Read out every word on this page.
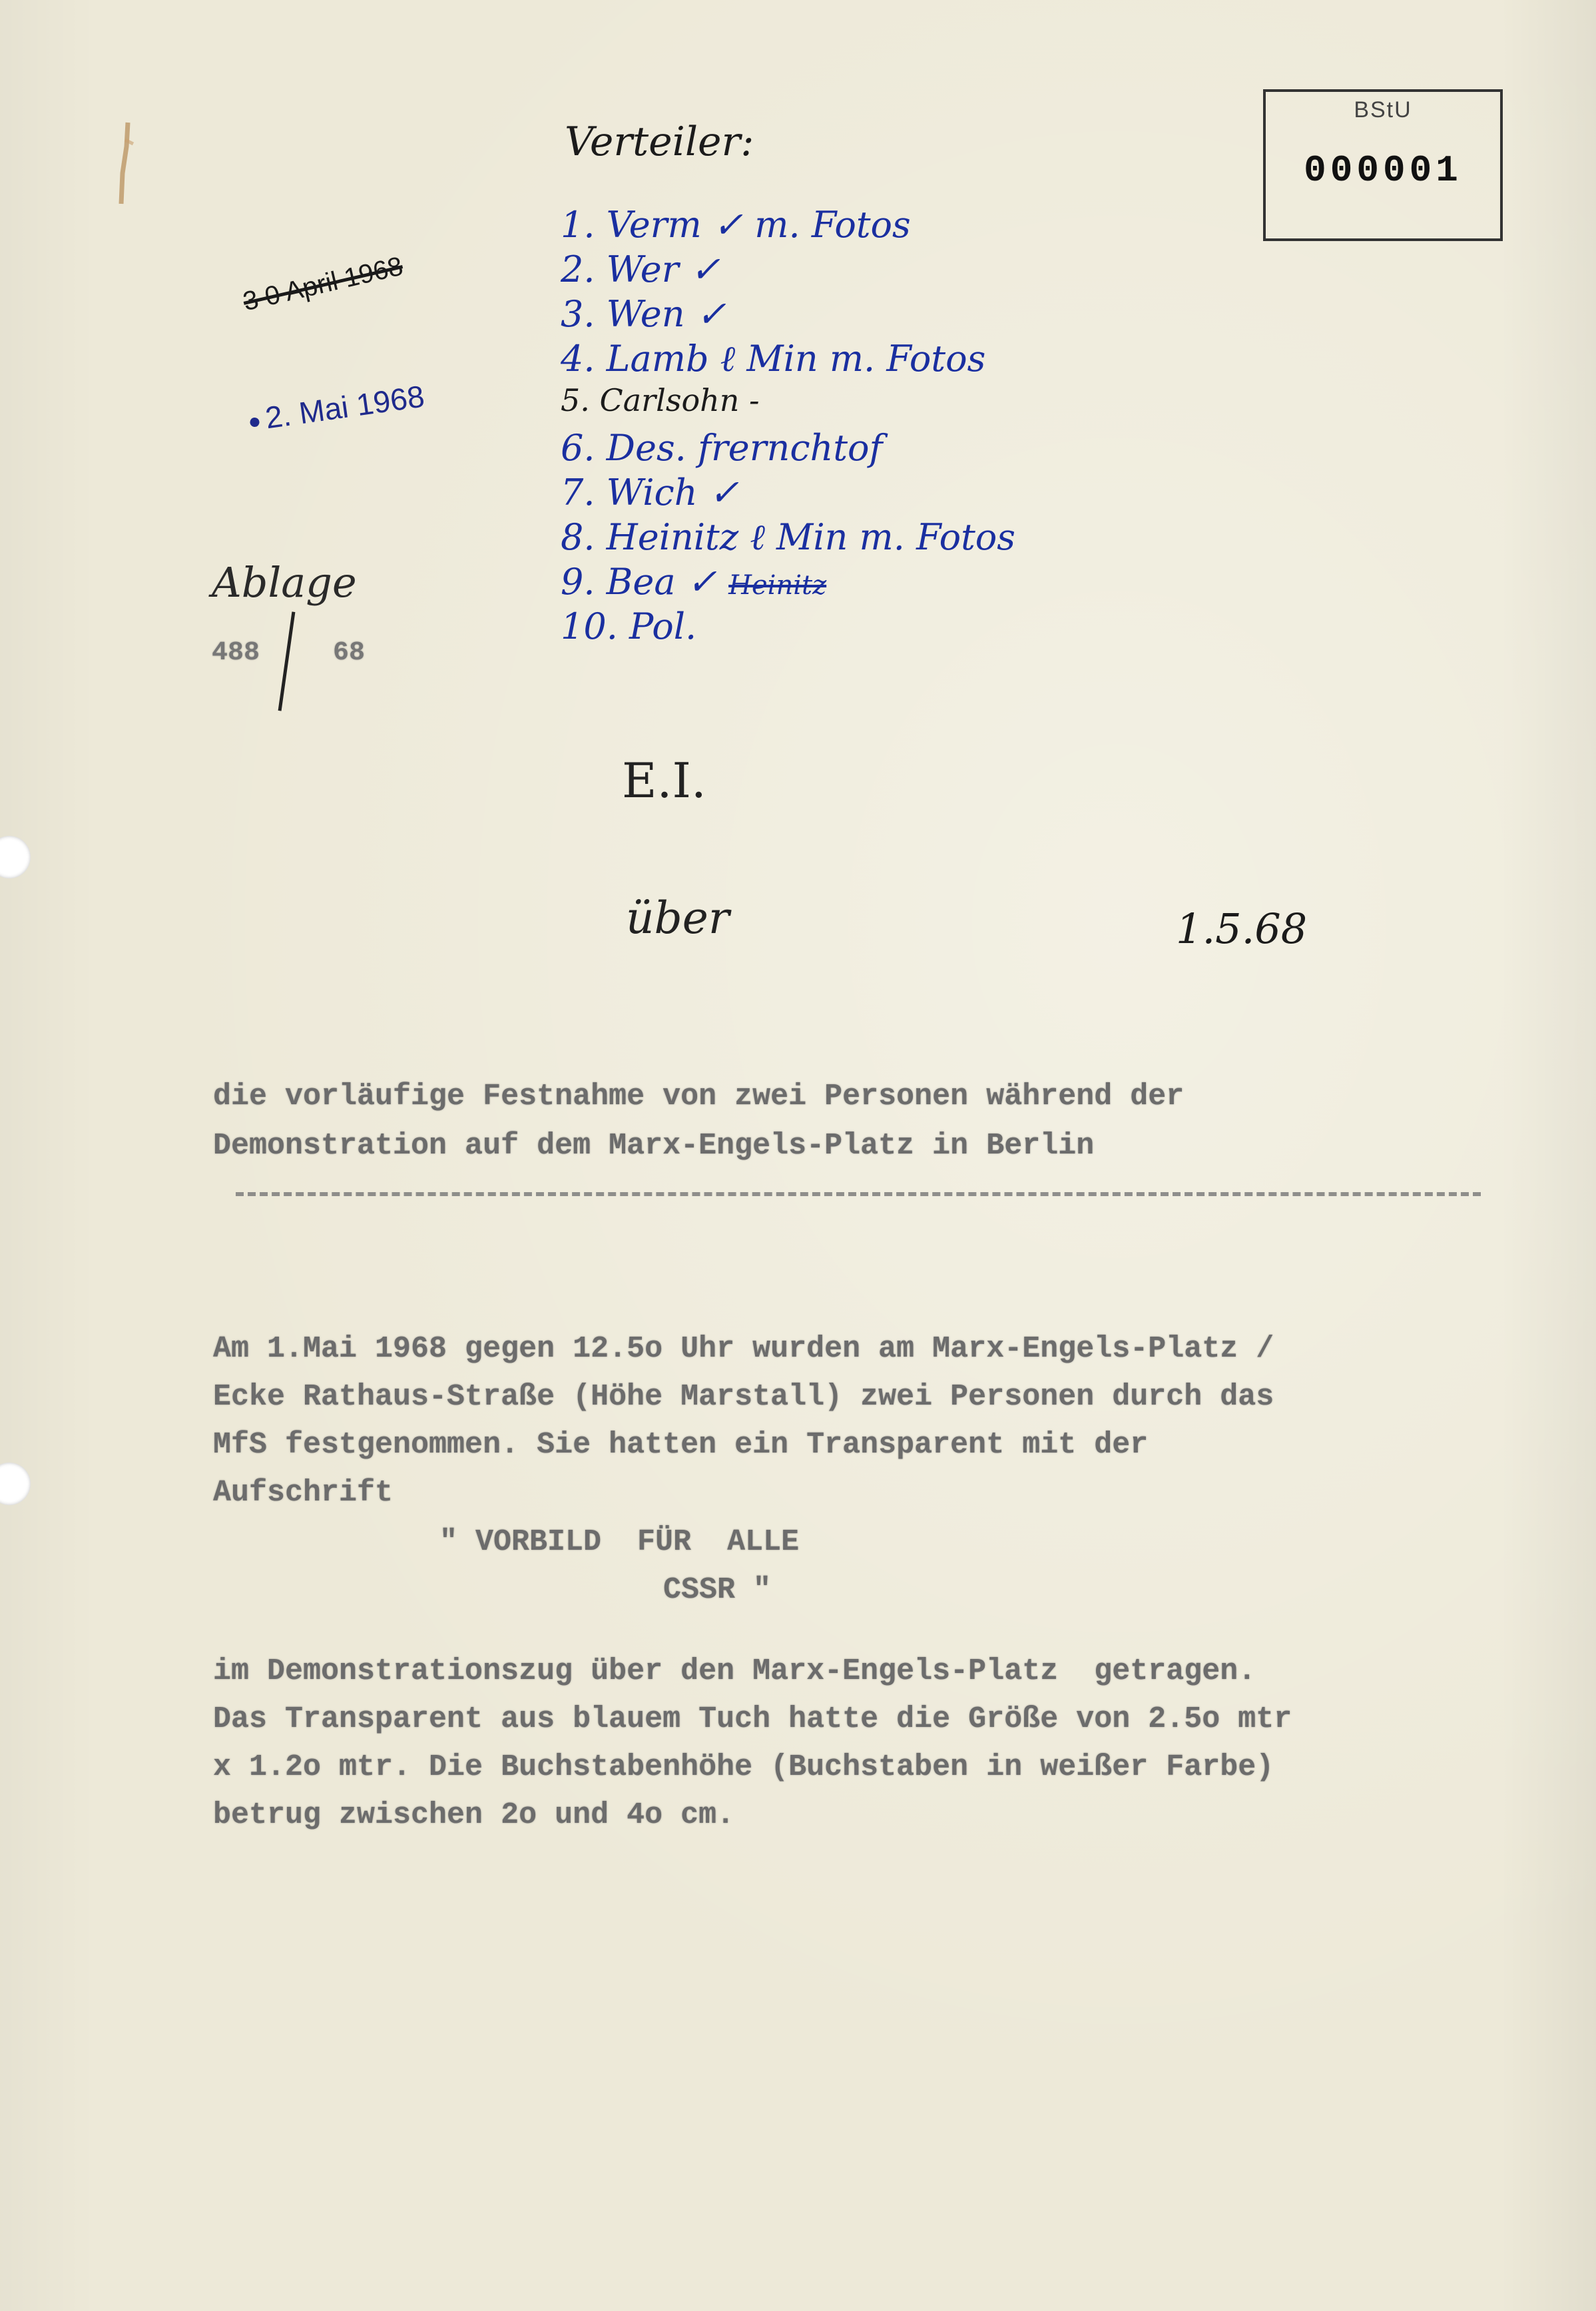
BStU
000001
Verteiler:
1. Verm ✓ m. Fotos
2. Wer ✓
3. Wen ✓
4. Lamb ℓ Min m. Fotos
5. Carlsohn -
6. Des. frernchtof
7. Wich ✓
8. Heinitz ℓ Min m. Fotos
9. Bea ✓ Heinitz
10. Pol.
3 0 April 1968
2. Mai 1968
Ablage
488	68
E.I.
über	1.5.68
die vorläufige Festnahme von zwei Personen während der
Demonstration auf dem Marx-Engels-Platz in Berlin
Am 1.Mai 1968 gegen 12.5o Uhr wurden am Marx-Engels-Platz /
Ecke Rathaus-Straße (Höhe Marstall) zwei Personen durch das
MfS festgenommen. Sie hatten ein Transparent mit der
Aufschrift
" VORBILD  FÜR  ALLE
CSSR "
im Demonstrationszug über den Marx-Engels-Platz  getragen.
Das Transparent aus blauem Tuch hatte die Größe von 2.5o mtr
x 1.2o mtr. Die Buchstabenhöhe (Buchstaben in weißer Farbe)
betrug zwischen 2o und 4o cm.
